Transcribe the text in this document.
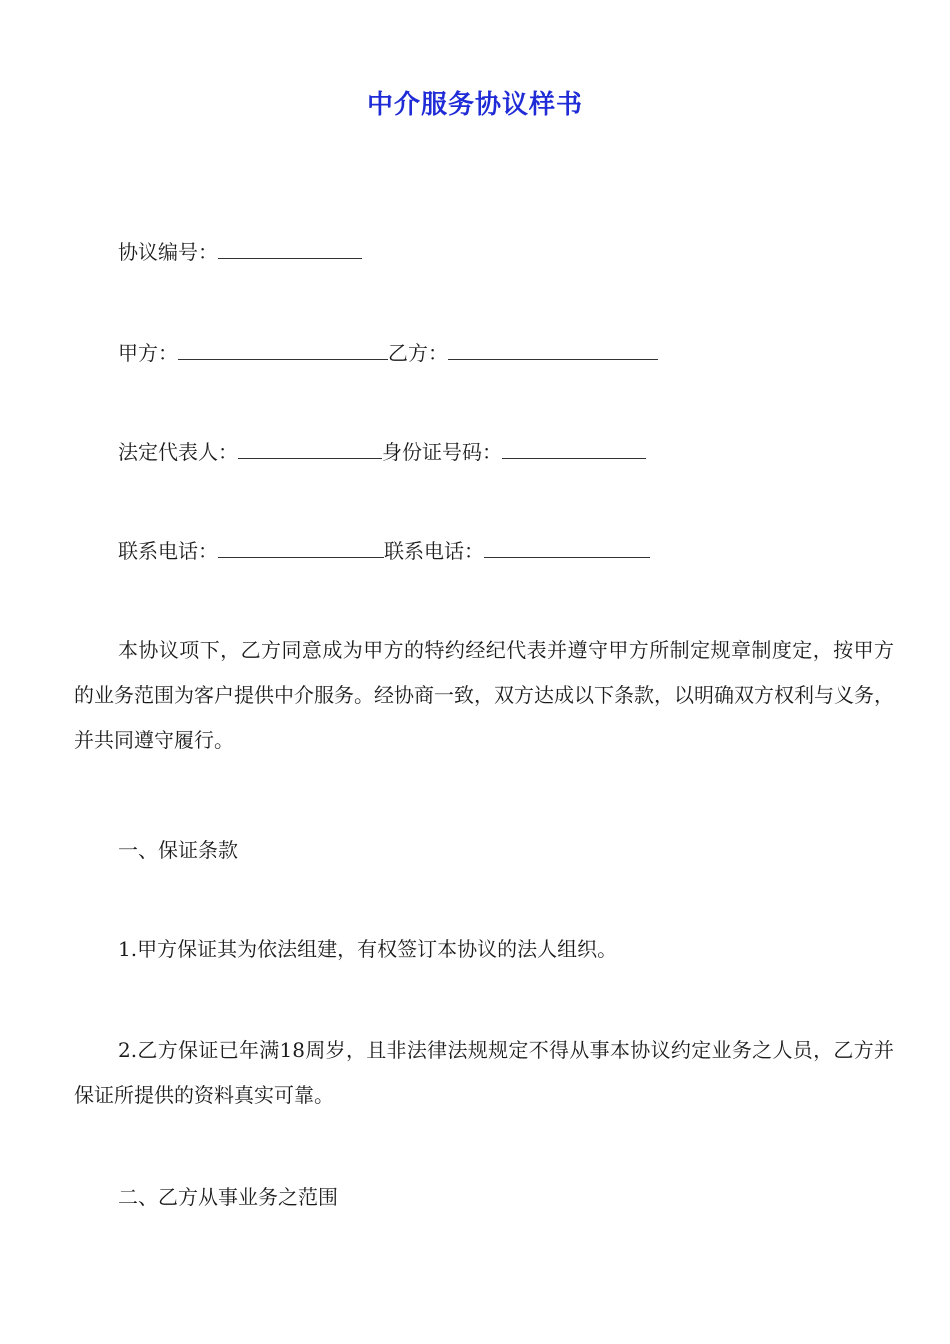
中介服务协议样书
协议编号：
甲方：	乙方：
法定代表人：	身份证号码：
联系电话：	联系电话：
本协议项下，乙方同意成为甲方的特约经纪代表并遵守甲方所制定规章制度定，按甲方的业务范围为客户提供中介服务。经协商一致，双方达成以下条款，以明确双方权利与义务，并共同遵守履行。
一、保证条款
1.甲方保证其为依法组建，有权签订本协议的法人组织。
2.乙方保证已年满18周岁，且非法律法规规定不得从事本协议约定业务之人员，乙方并保证所提供的资料真实可靠。
二、乙方从事业务之范围
